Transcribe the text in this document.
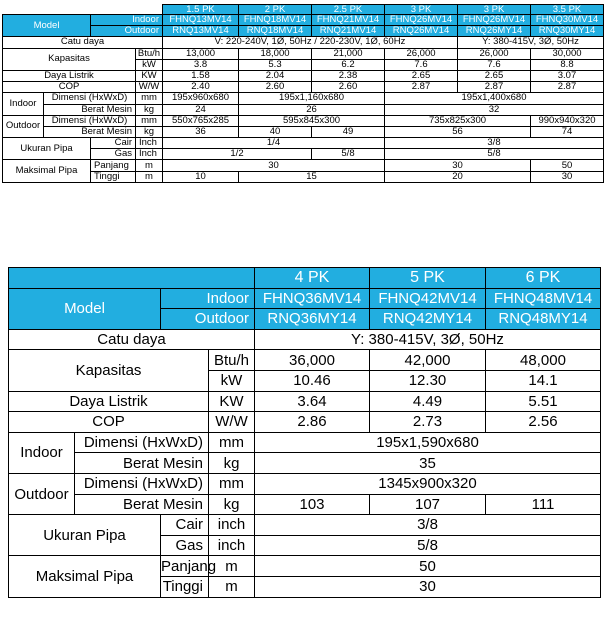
				1.5 PK	2 PK	2.5 PK	3 PK	3 PK	3.5 PK
Model		Indoor		FHNQ13MV14	FHNQ18MV14	FHNQ21MV14	FHNQ26MV14	FHNQ26MV14	FHNQ30MV14
		Outdoor		RNQ13MV14	RNQ18MV14	RNQ21MV14	RNQ26MV14	RNQ26MY14	RNQ30MY14
Catu daya				V: 220-240V, 1Ø, 50Hz / 220-230V, 1Ø, 60Hz				Y: 380-415V, 3Ø, 50Hz	
Kapasitas			Btu/h	13,000	18,000	21,000	26,000	26,000	30,000
			kW	3.8	5.3	6.2	7.6	7.6	8.8
Daya Listrik			KW	1.58	2.04	2.38	2.65	2.65	3.07
COP			W/W	2.40	2.60	2.60	2.87	2.87	2.87
Indoor	Dimensi (HxWxD)		mm	195x960x680	195x1,160x680		195x1,400x680		
	Berat Mesin		kg	24	26		32		
Outdoor	Dimensi (HxWxD)		mm	550x765x285	595x845x300		735x825x300		990x940x320
	Berat Mesin		kg	36	40	49	56		74
Ukuran Pipa		Cair	Inch	1/4			3/8		
		Gas	Inch	1/2		5/8	5/8		
Maksimal Pipa		Panjang	m	30			30		50
		Tinggi	m	10	15		20		30
				4 PK	5 PK	6 PK
Model		Indoor		FHNQ36MV14	FHNQ42MV14	FHNQ48MV14
		Outdoor		RNQ36MY14	RNQ42MY14	RNQ48MY14
Catu daya				Y: 380-415V, 3Ø, 50Hz		
Kapasitas			Btu/h	36,000	42,000	48,000
			kW	10.46	12.30	14.1
Daya Listrik			KW	3.64	4.49	5.51
COP			W/W	2.86	2.73	2.56
Indoor	Dimensi (HxWxD)		mm	195x1,590x680		
	Berat Mesin		kg	35		
Outdoor	Dimensi (HxWxD)		mm	1345x900x320		
	Berat Mesin		kg	103	107	111
Ukuran Pipa		Cair	inch	3/8		
		Gas	inch	5/8		
Maksimal Pipa		Panjang	m	50		
		Tinggi	m	30		
